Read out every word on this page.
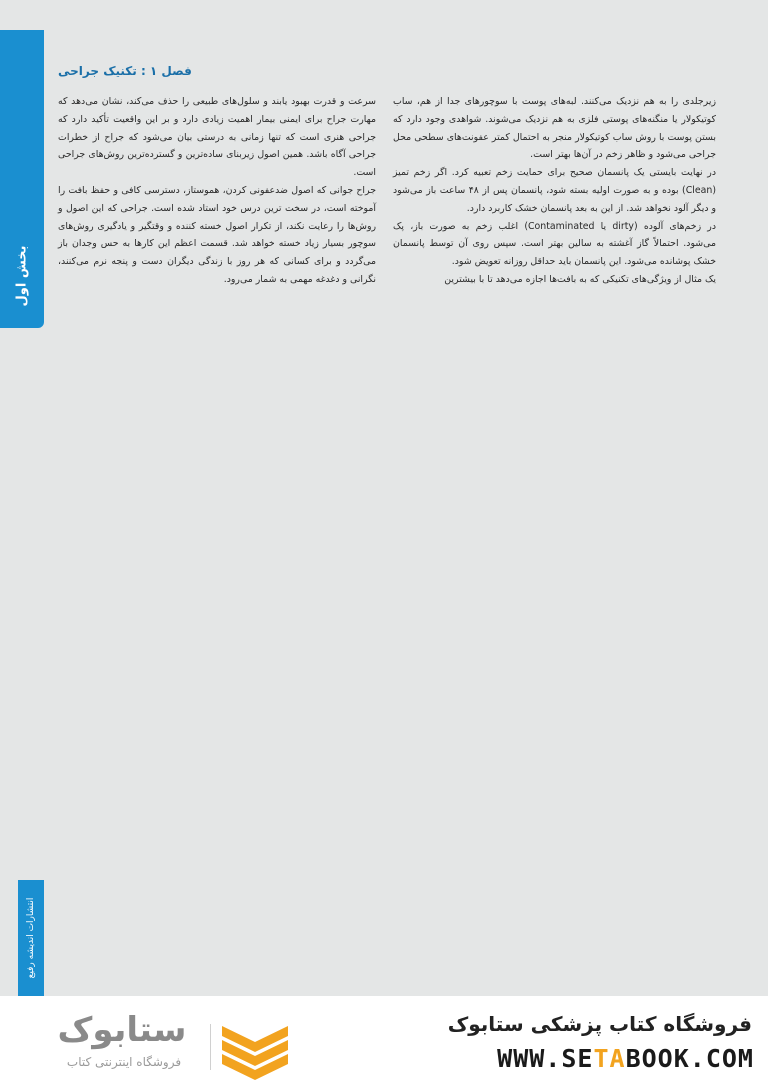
بخش اول
انتشارات اندیشه رفیع
فصل ۱ : تکنیک جراحی

زیرجلدی را به هم نزدیک می‌کنند. لبه‌های پوست با سوچورهای جدا از هم، ساب کوتیکولار یا منگنه‌های پوستی فلزی به هم نزدیک می‌شوند. شواهدی وجود دارد که بستن پوست با روش ساب کوتیکولار منجر به احتمال کمتر عفونت‌های سطحی محل جراحی می‌شود و ظاهر زخم در آن‌ها بهتر است.

در نهایت بایستی یک پانسمان صحیح برای حمایت زخم تعبیه کرد. اگر زخم تمیز (Clean) بوده و به صورت اولیه بسته شود، پانسمان پس از ۴۸ ساعت باز می‌شود و دیگر آلود نخواهد شد. از این به بعد پانسمان خشک کاربرد دارد.

در زخم‌های آلوده (dirty یا Contaminated) اغلب زخم به صورت باز، پک می‌شود. احتمالاً گاز آغشته به سالین بهتر است. سپس روی آن توسط پانسمان خشک پوشانده می‌شود. این پانسمان باید حداقل روزانه تعویض شود.

یک مثال از ویژگی‌های تکنیکی که به بافت‌ها اجازه می‌دهد تا با بیشترین

سرعت و قدرت بهبود یابند و سلول‌های طبیعی را حذف می‌کند، نشان می‌دهد که مهارت جراح برای ایمنی بیمار اهمیت زیادی دارد و بر این واقعیت تأکید دارد که جراحی هنری است که تنها زمانی به درستی بیان می‌شود که جراح از خطرات جراحی آگاه باشد. همین اصول زیربنای ساده‌ترین و گسترده‌ترین روش‌های جراحی است.

جراح جوانی که اصول ضدعفونی کردن، هموستاز، دسترسی کافی و حفظ بافت را آموخته است، در سخت ترین درس خود استاد شده است. جراحی که این اصول و روش‌ها را رعایت نکند، از تکرار اصول خسته کننده و وقتگیر و یادگیری روش‌های سوچور بسیار زیاد خسته خواهد شد. قسمت اعظم این کارها به حس وجدان باز می‌گردد و برای کسانی که هر روز با زندگی دیگران دست و پنجه نرم می‌کنند، نگرانی و دغدغه مهمی به شمار می‌رود.

ستابوک
فروشگاه اینترنتی کتاب
فروشگاه کتاب پزشکی ستابوک
WWW.SETABOOK.COM
